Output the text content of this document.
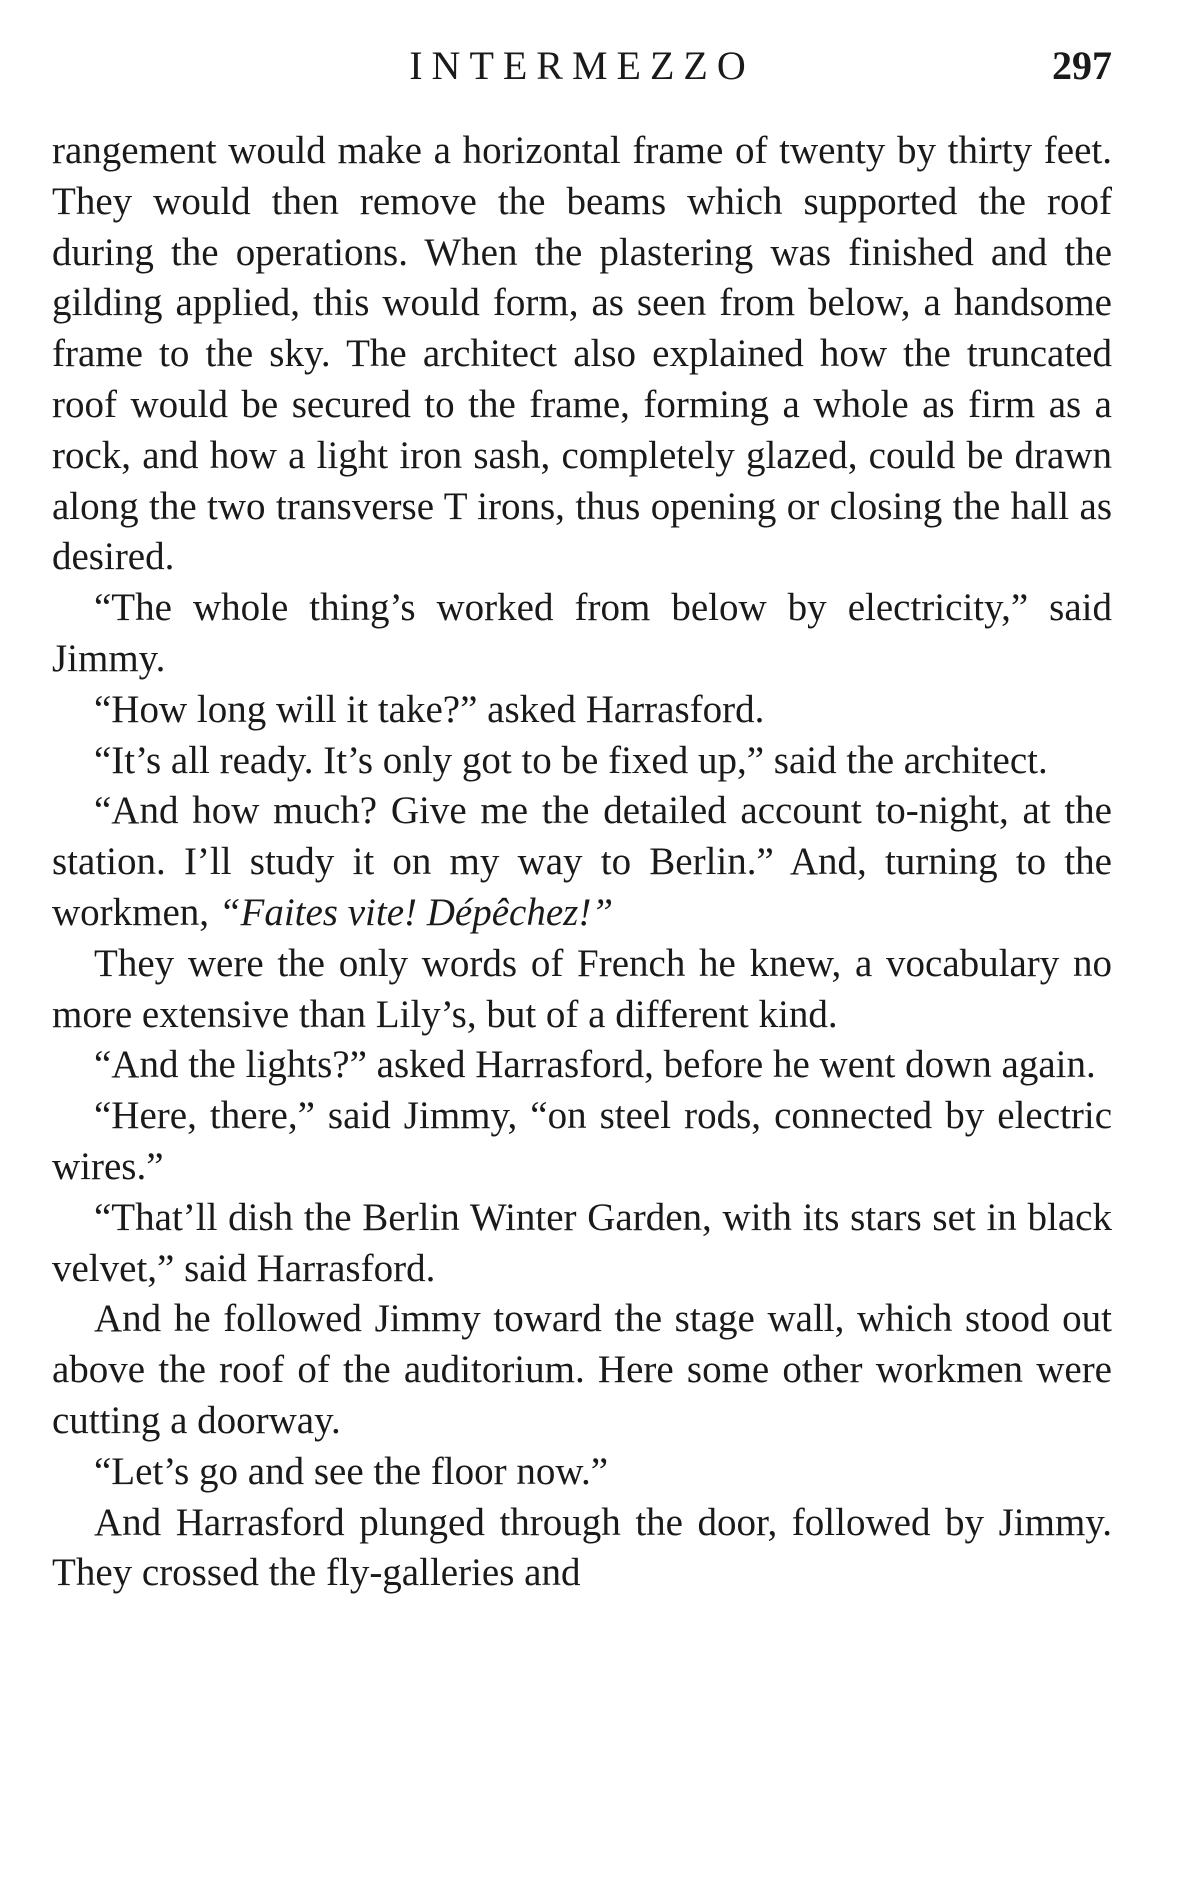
INTERMEZZO	297

rangement would make a horizontal frame of twenty by thirty feet. They would then remove the beams which supported the roof during the operations. When the plastering was finished and the gilding applied, this would form, as seen from below, a handsome frame to the sky. The architect also explained how the truncated roof would be secured to the frame, forming a whole as firm as a rock, and how a light iron sash, completely glazed, could be drawn along the two transverse T irons, thus opening or closing the hall as desired.

“The whole thing’s worked from below by electricity,” said Jimmy.

“How long will it take?” asked Harrasford.

“It’s all ready. It’s only got to be fixed up,” said the architect.

“And how much? Give me the detailed account to-night, at the station. I’ll study it on my way to Berlin.” And, turning to the workmen, “Faites vite! Dépêchez!”

They were the only words of French he knew, a vocabulary no more extensive than Lily’s, but of a different kind.

“And the lights?” asked Harrasford, before he went down again.

“Here, there,” said Jimmy, “on steel rods, connected by electric wires.”

“That’ll dish the Berlin Winter Garden, with its stars set in black velvet,” said Harrasford.

And he followed Jimmy toward the stage wall, which stood out above the roof of the auditorium. Here some other workmen were cutting a doorway.

“Let’s go and see the floor now.”

And Harrasford plunged through the door, followed by Jimmy. They crossed the fly-galleries and
